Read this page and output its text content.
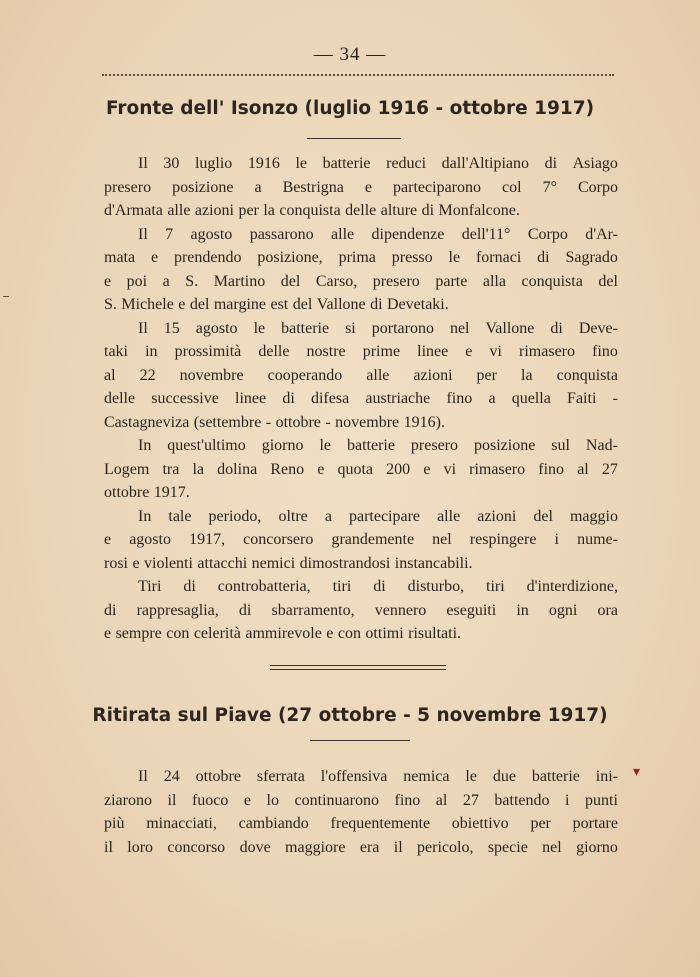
— 34 —
Fronte dell' Isonzo (luglio 1916 - ottobre 1917)
Il 30 luglio 1916 le batterie reduci dall'Altipiano di Asiago
presero posizione a Bestrigna e parteciparono col 7° Corpo
d'Armata alle azioni per la conquista delle alture di Monfalcone.
Il 7 agosto passarono alle dipendenze dell'11° Corpo d'Ar-
mata e prendendo posizione, prima presso le fornaci di Sagrado
e poi a S. Martino del Carso, presero parte alla conquista del
S. Michele e del margine est del Vallone di Devetaki.
Il 15 agosto le batterie si portarono nel Vallone di Deve-
taki in prossimità delle nostre prime linee e vi rimasero fino
al 22 novembre cooperando alle azioni per la conquista
delle successive linee di difesa austriache fino a quella Faiti -
Castagneviza (settembre - ottobre - novembre 1916).
In quest'ultimo giorno le batterie presero posizione sul Nad-
Logem tra la dolina Reno e quota 200 e vi rimasero fino al 27
ottobre 1917.
In tale periodo, oltre a partecipare alle azioni del maggio
e agosto 1917, concorsero grandemente nel respingere i nume-
rosi e violenti attacchi nemici dimostrandosi instancabili.
Tiri di controbatteria, tiri di disturbo, tiri d'interdizione,
di rappresaglia, di sbarramento, vennero eseguiti in ogni ora
e sempre con celerità ammirevole e con ottimi risultati.
Ritirata sul Piave (27 ottobre - 5 novembre 1917)
Il 24 ottobre sferrata l'offensiva nemica le due batterie ini-
ziarono il fuoco e lo continuarono fino al 27 battendo i punti
più minacciati, cambiando frequentemente obiettivo per portare
il loro concorso dove maggiore era il pericolo, specie nel giorno
▾
